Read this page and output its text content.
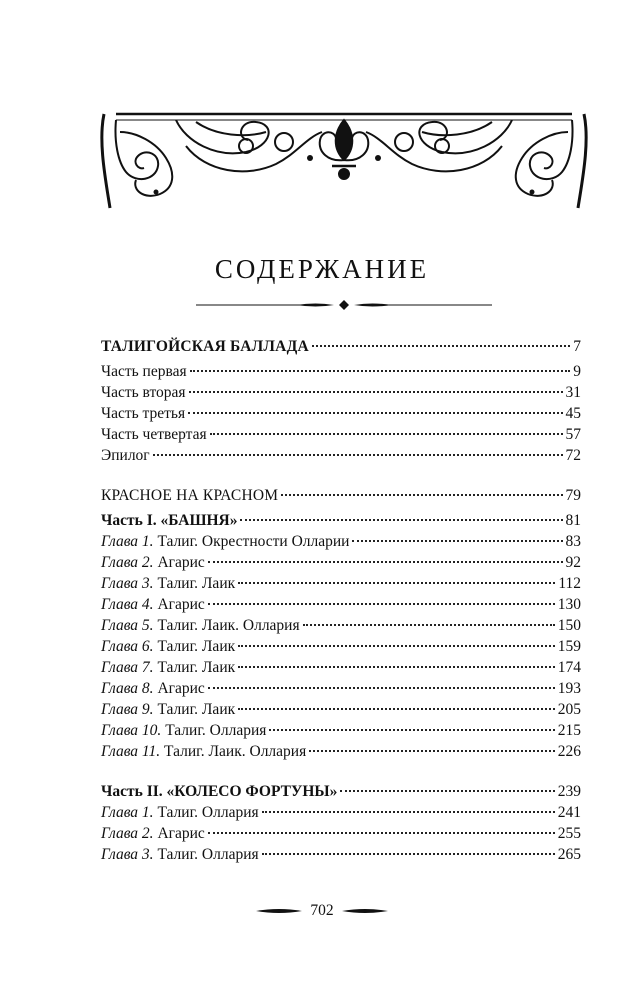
СОДЕРЖАНИЕ
ТАЛИГОЙСКАЯ БАЛЛАДА	7
Часть первая	9
Часть вторая	31
Часть третья	45
Часть четвертая	57
Эпилог	72
КРАСНОЕ НА КРАСНОМ	79
Часть I. «БАШНЯ»	81
Глава 1. Талиг. Окрестности Олларии	83
Глава 2. Агарис	92
Глава 3. Талиг. Лаик	112
Глава 4. Агарис	130
Глава 5. Талиг. Лаик. Оллария	150
Глава 6. Талиг. Лаик	159
Глава 7. Талиг. Лаик	174
Глава 8. Агарис	193
Глава 9. Талиг. Лаик	205
Глава 10. Талиг. Оллария	215
Глава 11. Талиг. Лаик. Оллария	226
Часть II. «КОЛЕСО ФОРТУНЫ»	239
Глава 1. Талиг. Оллария	241
Глава 2. Агарис	255
Глава 3. Талиг. Оллария	265
702
